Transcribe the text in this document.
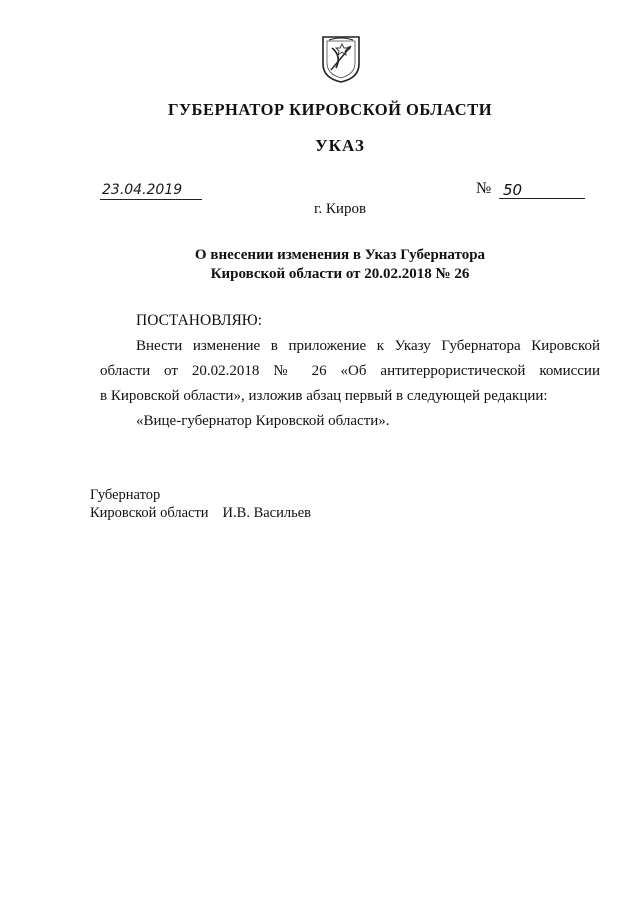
ГУБЕРНАТОР КИРОВСКОЙ ОБЛАСТИ
УКАЗ
23.04.2019	№ 50
г. Киров
О внесении изменения в Указ Губернатора
Кировской области от 20.02.2018 № 26
ПОСТАНОВЛЯЮ:

Внести изменение в приложение к Указу Губернатора Кировской

области от 20.02.2018 № 26 «Об антитеррористической комиссии

в Кировской области», изложив абзац первый в следующей редакции:

«Вице-губернатор Кировской области».

Губернатор
Кировской области И.В. Васильев
